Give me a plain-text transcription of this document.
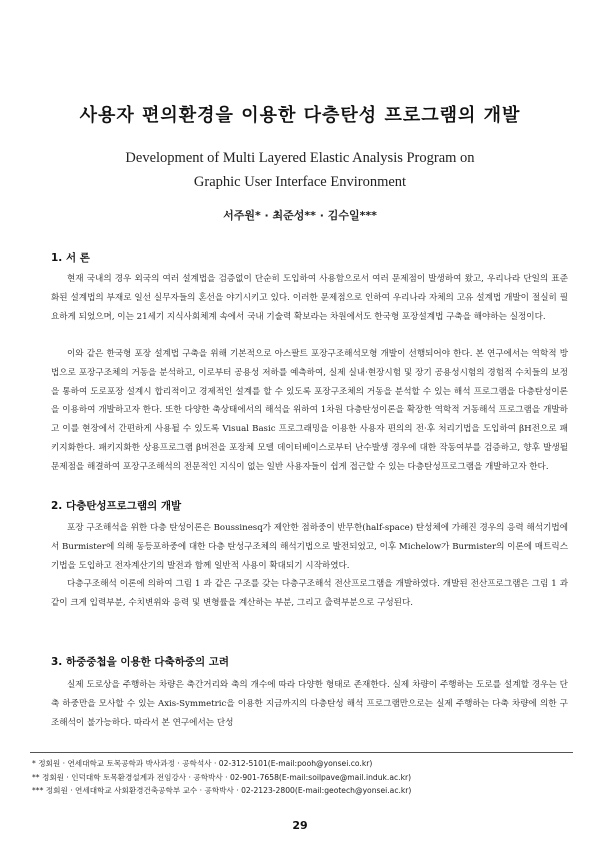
사용자 편의환경을 이용한 다층탄성 프로그램의 개발
Development of Multi Layered Elastic Analysis Program on
Graphic User Interface Environment
서주원* · 최준성** · 김수일***
1. 서 론

현재 국내의 경우 외국의 여러 설계법을 검증없이 단순히 도입하여 사용함으로서 여러 문제점이 발생하여 왔고, 우리나라 단일의 표준화된 설계법의 부재로 일선 실무자들의 혼선을 야기시키고 있다. 이러한 문제점으로 인하여 우리나라 자체의 고유 설계법 개발이 절실히 필요하게 되었으며, 이는 21세기 지식사회체계 속에서 국내 기술력 확보라는 차원에서도 한국형 포장설계법 구축을 해야하는 실정이다.

이와 같은 한국형 포장 설계법 구축을 위해 기본적으로 아스팔트 포장구조해석모형 개발이 선행되어야 한다. 본 연구에서는 역학적 방법으로 포장구조체의 거동을 분석하고, 이로부터 공용성 저하를 예측하여, 실제 실내·현장시험 및 장기 공용성시험의 경험적 수치들의 보정을 통하여 도로포장 설계시 합리적이고 경제적인 설계를 할 수 있도록 포장구조체의 거동을 분석할 수 있는 해석 프로그램을 다층탄성이론을 이용하여 개발하고자 한다. 또한 다양한 축상태에서의 해석을 위하여 1차원 다층탄성이론을 확장한 역학적 거동해석 프로그램을 개발하고 이를 현장에서 간편하게 사용될 수 있도록 Visual Basic 프로그래밍을 이용한 사용자 편의의 전·후 처리기법을 도입하여 βH전으로 패키지화한다. 패키지화한 상용프로그램 β버전을 포장체 모델 데이터베이스로부터 난수발생 경우에 대한 작동여부를 검증하고, 향후 발생될 문제점을 해결하여 포장구조해석의 전문적인 지식이 없는 일반 사용자들이 쉽게 접근할 수 있는 다층탄성프로그램을 개발하고자 한다.

2. 다층탄성프로그램의 개발

포장 구조해석을 위한 다층 탄성이론은 Boussinesq가 제안한 점하중이 반무한(half-space) 탄성체에 가해진 경우의 응력 해석기법에서 Burmister에 의해 동등포하중에 대한 다층 탄성구조체의 해석기법으로 발전되었고, 이후 Michelow가 Burmister의 이론에 매트릭스 기법을 도입하고 전자계산기의 발전과 함께 일반적 사용이 확대되기 시작하였다.

다층구조해석 이론에 의하여 그림 1 과 같은 구조를 갖는 다층구조해석 전산프로그램을 개발하였다. 개발된 전산프로그램은 그림 1 과 같이 크게 입력부분, 수치변위와 응력 및 변형률을 계산하는 부분, 그리고 출력부분으로 구성된다.

3. 하중중첩을 이용한 다축하중의 고려

실제 도로상을 주행하는 차량은 축간거리와 축의 개수에 따라 다양한 형태로 존재한다. 실제 차량이 주행하는 도로를 설계할 경우는 단축 하중만을 모사할 수 있는 Axis-Symmetric을 이용한 지금까지의 다층탄성 해석 프로그램만으로는 실제 주행하는 다축 차량에 의한 구조해석이 불가능하다. 따라서 본 연구에서는 단성

* 정회원 · 연세대학교 토목공학과 박사과정 · 공학석사 · 02-312-5101(E-mail:pooh@yonsei.co.kr)
** 정회원 · 인덕대학 토목환경설계과 전임강사 · 공학박사 · 02-901-7658(E-mail:soilpave@mail.induk.ac.kr)
*** 정회원 · 연세대학교 사회환경건축공학부 교수 · 공학박사 · 02-2123-2800(E-mail:geotech@yonsei.ac.kr)
29
